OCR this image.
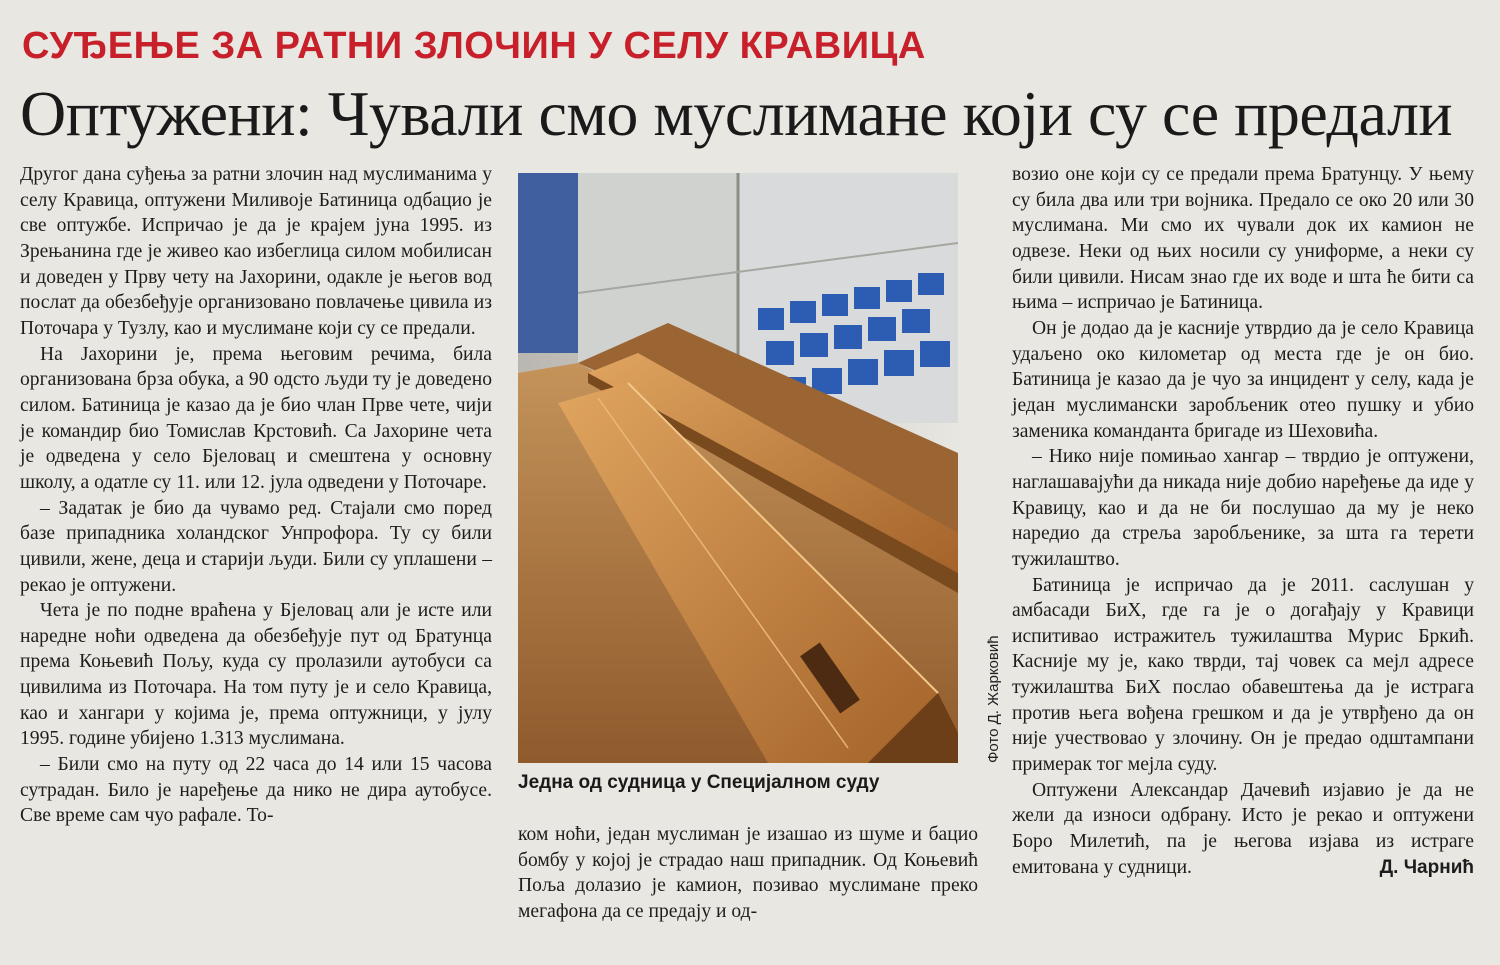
СУЂЕЊЕ ЗА РАТНИ ЗЛОЧИН У СЕЛУ КРАВИЦА
Оптужени: Чували смо муслимане који су се предали

Другог дана суђења за ратни злочин над муслиманима у селу Кравица, оптужени Миливоје Батиница одбацио је све оптужбе. Испричао је да је крајем јуна 1995. из Зрењанина где је живео као избеглица силом мобилисан и доведен у Прву чету на Јахорини, одакле је његов вод послат да обезбеђује организовано повлачење цивила из Поточара у Тузлу, као и муслимане који су се предали.

На Јахорини је, према његовим речима, била организована брза обука, а 90 одсто људи ту је доведено силом. Батиница је казао да је био члан Прве чете, чији је командир био Томислав Крстовић. Са Јахорине чета је одведена у село Бјеловац и смештена у основну школу, а одатле су 11. или 12. јула одведени у Поточаре.

– Задатак је био да чувамо ред. Стајали смо поред базе припадника холандског Унпрофора. Ту су били цивили, жене, деца и старији људи. Били су уплашени – рекао је оптужени.

Чета је по подне враћена у Бјеловац али је исте или наредне ноћи одведена да обезбеђује пут од Братунца према Коњевић Пољу, куда су пролазили аутобуси са цивилима из Поточара. На том путу је и село Кравица, као и хангари у којима је, према оптужници, у јулу 1995. године убијено 1.313 муслимана.

– Били смо на путу од 22 часа до 14 или 15 часова сутрадан. Било је наређење да нико не дира аутобусе. Све време сам чуо рафале. То-

Фото Д. Жарковић
Једна од судница у Специјалном суду

ком ноћи, један муслиман је изашао из шуме и бацио бомбу у којој је страдао наш припадник. Од Коњевић Поља долазио је камион, позивао муслимане преко мегафона да се предају и од-

возио оне који су се предали према Братунцу. У њему су била два или три војника. Предало се око 20 или 30 муслимана. Ми смо их чували док их камион не одвезе. Неки од њих носили су униформе, а неки су били цивили. Нисам знао где их воде и шта ће бити са њима – испричао је Батиница.

Он је додао да је касније утврдио да је село Кравица удаљено око километар од места где је он био. Батиница је казао да је чуо за инцидент у селу, када је један муслимански заробљеник отео пушку и убио заменика команданта бригаде из Шеховића.

– Нико није помињао хангар – тврдио је оптужени, наглашавајући да никада није добио наређење да иде у Кравицу, као и да не би послушао да му је неко наредио да стреља заробљенике, за шта га терети тужилаштво.

Батиница је испричао да је 2011. саслушан у амбасади БиХ, где га је о догађају у Кравици испитивао истражитељ тужилаштва Мурис Бркић. Касније му је, како тврди, тај човек са мејл адресе тужилаштва БиХ послао обавештења да је истрага против њега вођена грешком и да је утврђено да он није учествовао у злочину. Он је предао одштампани примерак тог мејла суду.

Оптужени Александар Дачевић изјавио је да не жели да износи одбрану. Исто је рекао и оптужени Боро Милетић, па је његова изјава из истраге емитована у судници.	Д. Чарнић
